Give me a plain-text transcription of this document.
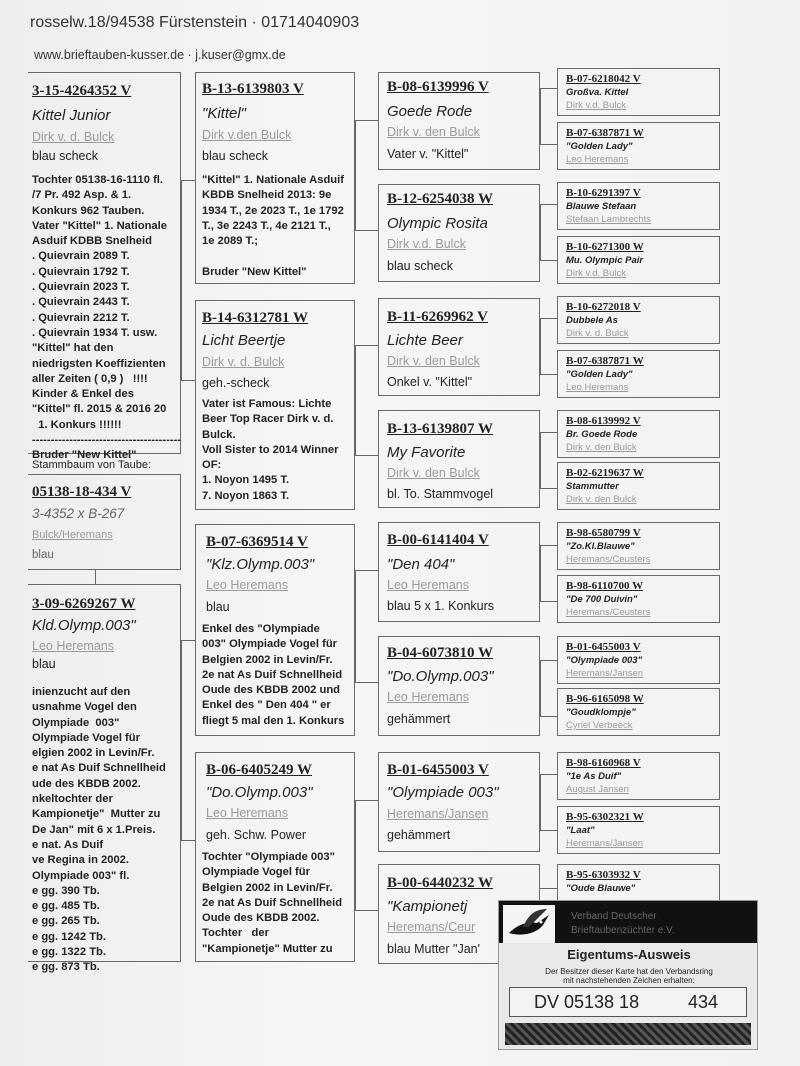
rosselw.18/94538 Fürstenstein · 01714040903
www.brieftauben-kusser.de · j.kuser@gmx.de
3-15-4264352 V
Kittel Junior
Dirk v. d. Bulck
blau scheck
Tochter 05138-16-1110 fl.
/7 Pr. 492 Asp. & 1.
Konkurs 962 Tauben.
Vater "Kittel" 1. Nationale
Asduif KDBB Snelheid
. Quievrain 2089 T.
. Quievrain 1792 T.
. Quievrain 2023 T.
. Quievrain 2443 T.
. Quievrain 2212 T.
. Quievrain 1934 T. usw.
"Kittel" hat den
niedrigsten Koeffizienten
aller Zeiten ( 0,9 )   !!!!
Kinder & Enkel des
"Kittel" fl. 2015 & 2016 20
1. Konkurs !!!!!!
----------------------------------------
Bruder "New Kittel"
Stammbaum von Taube:
05138-18-434 V
3-4352 x B-267
Bulck/Heremans
blau
3-09-6269267 W
Kld.Olymp.003"
Leo Heremans
blau
inienzucht auf den
usnahme Vogel den
Olympiade  003"
Olympiade Vogel für
elgien 2002 in Levin/Fr.
e nat As Duif Schnellheid
ude des KBDB 2002.
nkeltochter der
Kampionetje"  Mutter zu
De Jan" mit 6 x 1.Preis.
e nat. As Duif
ve Regina in 2002.
Olympiade 003" fl.
e gg. 390 Tb.
e gg. 485 Tb.
e gg. 265 Tb.
e gg. 1242 Tb.
e gg. 1322 Tb.
e gg. 873 Tb.
B-13-6139803 V
"Kittel"
Dirk v.den Bulck
blau scheck
"Kittel" 1. Nationale Asduif
KBDB Snelheid 2013: 9e
1934 T., 2e 2023 T., 1e 1792
T., 3e 2243 T., 4e 2121 T.,
1e 2089 T.;

Bruder "New Kittel"
B-14-6312781 W
Licht Beertje
Dirk v. d. Bulck
geh.-scheck
Vater ist Famous: Lichte
Beer Top Racer Dirk v. d.
Bulck.
Voll Sister to 2014 Winner
OF:
1. Noyon 1495 T.
7. Noyon 1863 T.
B-07-6369514 V
"Klz.Olymp.003"
Leo Heremans
blau
Enkel des "Olympiade
003" Olympiade Vogel für
Belgien 2002 in Levin/Fr.
2e nat As Duif Schnellheid
Oude des KBDB 2002 und
Enkel des " Den 404 " er
fliegt 5 mal den 1. Konkurs
B-06-6405249 W
"Do.Olymp.003"
Leo Heremans
geh. Schw. Power
Tochter "Olympiade 003"
Olympiade Vogel für
Belgien 2002 in Levin/Fr.
2e nat As Duif Schnellheid
Oude des KBDB 2002.
Tochter   der
"Kampionetje" Mutter zu
B-08-6139996 V
Goede Rode
Dirk v. den Bulck
Vater v. "Kittel"
B-12-6254038 W
Olympic Rosita
Dirk v.d. Bulck
blau scheck
B-11-6269962 V
Lichte Beer
Dirk v. den Bulck
Onkel v. "Kittel"
B-13-6139807 W
My Favorite
Dirk v. den Bulck
bl. To. Stammvogel
B-00-6141404 V
"Den 404"
Leo Heremans
blau 5 x 1. Konkurs
B-04-6073810 W
"Do.Olymp.003"
Leo Heremans
gehämmert
B-01-6455003 V
"Olympiade 003"
Heremans/Jansen
gehämmert
B-00-6440232 W
"Kampionetj
Heremans/Ceur
blau Mutter "Jan'
B-07-6218042 V
Großva. Kittel
Dirk v.d. Bulck
B-07-6387871 W
"Golden Lady"
Leo Heremans
B-10-6291397 V
Blauwe Stefaan
Stefaan Lambrechts
B-10-6271300 W
Mu. Olympic Pair
Dirk v.d. Bulck
B-10-6272018 V
Dubbele As
Dirk v. d. Bulck
B-07-6387871 W
"Golden Lady"
Leo Heremans
B-08-6139992 V
Br. Goede Rode
Dirk v. den Bulck
B-02-6219637 W
Stammutter
Dirk v. den Bulck
B-98-6580799 V
"Zo.Kl.Blauwe"
Heremans/Ceusters
B-98-6110700 W
"De 700 Duivin"
Heremans/Ceusters
B-01-6455003 V
"Olympiade 003"
Heremans/Jansen
B-96-6165098 W
"Goudklompje"
Cyriel Verbeeck
B-98-6160968 V
"1e As Duif"
August Jansen
B-95-6302321 W
"Laat"
Heremans/Jansen
B-95-6303932 V
"Oude Blauwe"
Verband Deutscher
Brieftaubenzüchter e.V.
Eigentums-Ausweis
Der Besitzer dieser Karte hat den Verbandsring
mit nachstehenden Zeichen erhalten:
DV 05138 18	434
